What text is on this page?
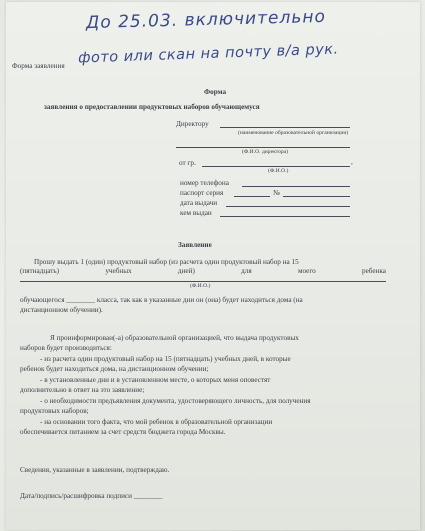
До 25.03. включительно
фото или скан на почту в/а рук.
Форма заявления
Форма
заявления о предоставлении продуктовых наборов обучающемуся
Директору
(наименование образовательной организации)
(Ф.И.О. директора)
от гр.	,
(Ф.И.О.)
номер телефона
паспорт серия	№
дата выдачи
кем выдан
Заявление
Прошу выдать 1 (один) продуктовый набор (из расчета один продуктовый набор на 15
(пятнадцать)	учебных	дней)	для	моего	ребенка
(Ф.И.О.)
обучающегося ________ класса, так как в указанные дни он (она) будет находиться дома (на
дистанционном обучении).
Я проинформирован(-а) образовательной организацией, что выдача продуктовых
наборов будет производиться:
- из расчета один продуктовый набор на 15 (пятнадцать) учебных дней, в которые
ребенок будет находиться дома, на дистанционном обучении;
- в установленные дни и в установленном месте, о которых меня оповестят
дополнительно в ответ на это заявление;
- о необходимости предъявления документа, удостоверяющего личность, для получения
продуктовых наборов;
- на основании того факта, что мой ребенок в образовательной организации
обеспечивается питанием за счет средств бюджета города Москвы.
Сведения, указанные в заявлении, подтверждаю.
Дата/подпись/расшифровка подписи ________
